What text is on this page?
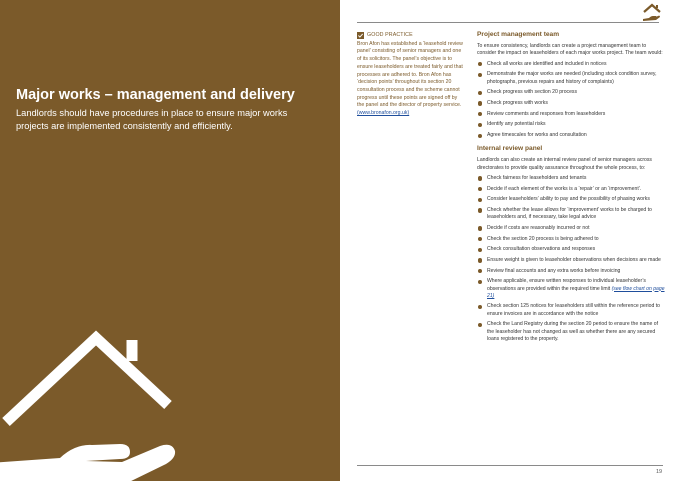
Major works – management and delivery
Landlords should have procedures in place to ensure major works projects are implemented consistently and efficiently.
GOOD PRACTICE
Bron Afon has established a ‘leasehold review panel’ consisting of senior managers and one of its solicitors. The panel’s objective is to ensure leaseholders are treated fairly and that processes are adhered to. Bron Afon has ‘decision points’ throughout its section 20 consultation process and the scheme cannot progress until these points are signed off by the panel and the director of property service.
(www.bronafon.org.uk)
Project management team
To ensure consistency, landlords can create a project management team to consider the impact on leaseholders of each major works project. The team would:
Check all works are identified and included in notices
Demonstrate the major works are needed (including stock condition survey, photographs, previous repairs and history of complaints)
Check progress with section 20 process
Check progress with works
Review comments and responses from leaseholders
Identify any potential risks
Agree timescales for works and consultation
Internal review panel
Landlords can also create an internal review panel of senior managers across directorates to provide quality assurance throughout the whole process, to:
Check fairness for leaseholders and tenants
Decide if each element of the works is a ‘repair’ or an ‘improvement’.
Consider leaseholders’ ability to pay and the possibility of phasing works
Check whether the lease allows for ‘improvement’ works to be charged to leaseholders and, if necessary, take legal advice
Decide if costs are reasonably incurred or not
Check the section 20 process is being adhered to
Check consultation observations and responses
Ensure weight is given to leaseholder observations when decisions are made
Review final accounts and any extra works before invoicing
Where applicable, ensure written responses to individual leaseholder’s observations are provided within the required time limit (see flow chart on page 21)
Check section 125 notices for leaseholders still within the reference period to ensure invoices are in accordance with the notice
Check the Land Registry during the section 20 period to ensure the name of the leaseholder has not changed as well as whether there are any secured loans registered to the property.
19
